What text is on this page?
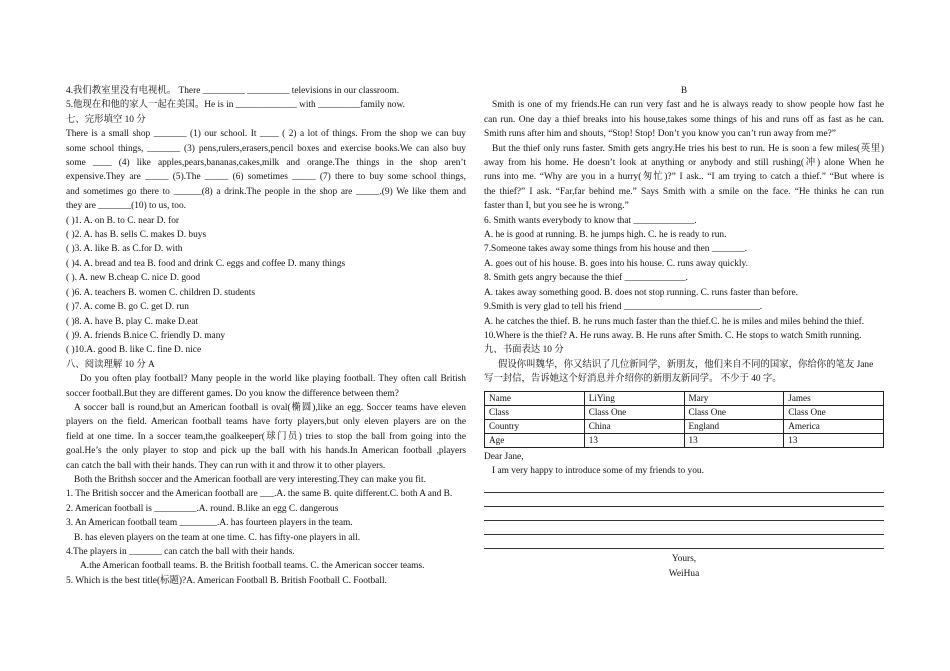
4.我们教室里没有电视机。 There _________ _________ televisions in our classroom.
5.他现在和他的家人一起在美国。He is in _____________ with _________family now.
七、完形填空 10 分
There is a small shop _______ (1) our school. It ____ ( 2) a lot of things. From the shop we can buy
some school things, _______ (3) pens,rulers,erasers,pencil boxes and exercise books.We can also buy
some ____ (4) like apples,pears,bananas,cakes,milk and orange.The things in the shop aren’t
expensive.They are _____ (5).The _____ (6) sometimes _____ (7) there to buy some school things,
and sometimes go there to ______(8) a drink.The people in the shop are _____.(9) We like them and
they are _______(10) to us, too.
( )1. A. on B. to C. near D. for
( )2. A. has B. sells C. makes D. buys
( )3. A. like B. as C.for D. with
( )4. A. bread and tea B. food and drink C. eggs and coffee D. many things
( ). A. new B.cheap C. nice D. good
( )6. A. teachers B. women C. children D. students
( )7. A. come B. go C. get D. run
( )8. A. have B. play C. make D.eat
( )9. A. friends B.nice C. friendly D. many
( )10.A. good B. like C. fine D. nice
八、阅读理解 10 分 A
Do you often play football? Many people in the world like playing football. They often call British
soccer football.But they are different games. Do you know the difference between them?
A soccer ball is round,but an American football is oval(椭圆),like an egg. Soccer teams have eleven
players on the field. American football teams have forty players,but only eleven players are on the
field at one time. In a soccer team,the goalkeeper(球门员) tries to stop the ball from going into the
goal.He’s the only player to stop and pick up the ball with his hands.In American football ,players
can catch the ball with their hands. They can run with it and throw it to other players.
Both the Brithsh soccer and the American football are very interesting.They can make you fit.
1. The British soccer and the American football are ___.A. the same B. quite different.C. both A and B.
2. American football is _________.A. round. B.like an egg C. dangerous
3. An American football team ________.A. has fourteen players in the team.
B. has eleven players on the team at one time. C. has fifty-one players in all.
4.The players in _______ can catch the ball with their hands.
A.the American football teams. B. the British football teams. C. the American soccer teams.
5. Which is the best title(标题)?A. American Football B. British Football C. Football.
B
Smith is one of my friends.He can run very fast and he is always ready to show people how fast he
can run. One day a thief breaks into his house,takes some things of his and runs off as fast as he can.
Smith runs after him and shouts, “Stop! Stop! Don’t you know you can’t run away from me?”
But the thief only runs faster. Smith gets angry.He tries his best to run. He is soon a few miles(英里)
away from his home. He doesn’t look at anything or anybody and still rushing(冲) alone When he
runs into me. “Why are you in a hurry(匆忙)?” I ask.. “I am trying to catch a thief.” “But where is
the thief?” I ask. “Far,far behind me.” Says Smith with a smile on the face. “He thinks he can run
faster than I, but you see he is wrong.”
6. Smith wants everybody to know that _____________.
A. he is good at running. B. he jumps high. C. he is ready to run.
7.Someone takes away some things from his house and then _______.
A. goes out of his house. B. goes into his house. C. runs away quickly.
8. Smith gets angry because the thief _____________.
A. takes away something good. B. does not stop running. C. runs faster than before.
9.Smith is very glad to tell his friend _____________________________.
A. he catches the thief. B. he runs much faster than the thief.C. he is miles and miles behind the thief.
10.Where is the thief? A. He runs away. B. He runs after Smith. C. He stops to watch Smith running.
九、书面表达 10 分
假设你叫魏华，你又结识了几位新同学，新朋友，他们来自不同的国家，你给你的笔友 Jane
写一封信，告诉她这个好消息并介绍你的新朋友新同学。 不少于 40 字。
Name	LiYing	Mary	James
Class	Class One	Class One	Class One
Country	China	England	America
Age	13	13	13
Dear Jane,
I am very happy to introduce some of my friends to you.
Yours,
WeiHua
